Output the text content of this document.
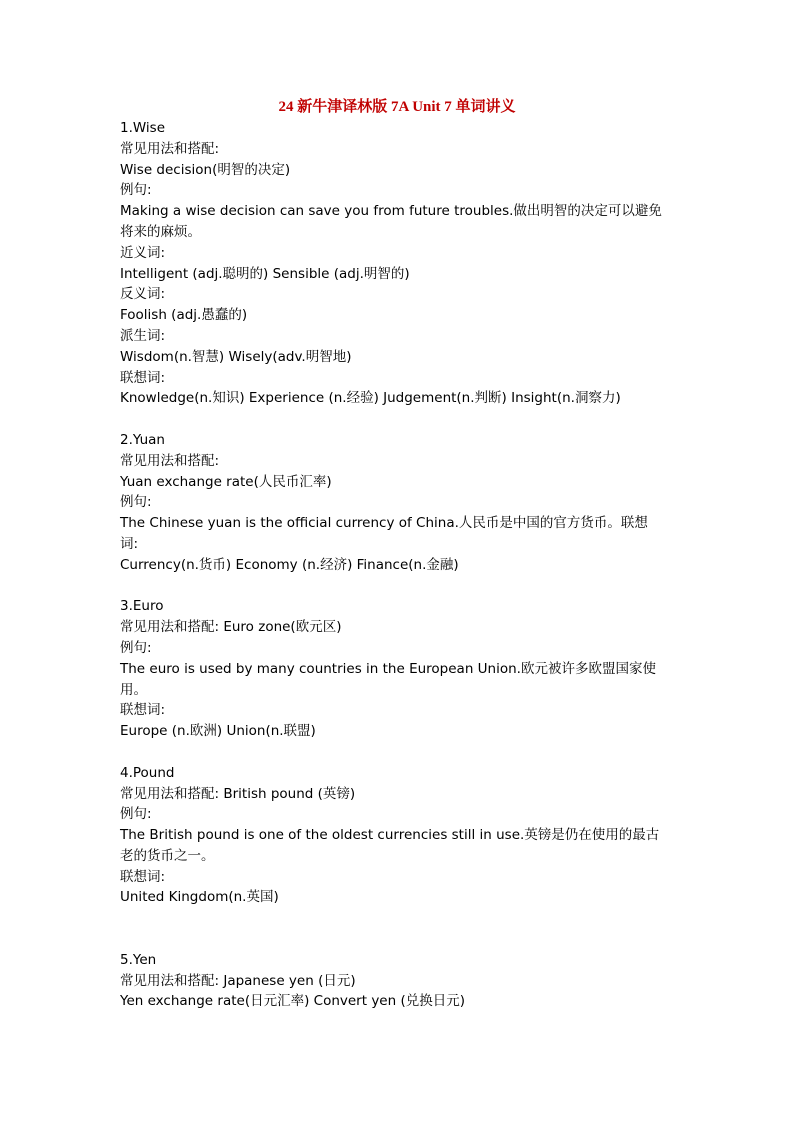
24 新牛津译林版 7A Unit 7 单词讲义
1.Wise
常见用法和搭配:
Wise decision(明智的决定)
例句:
Making a wise decision can save you from future troubles.做出明智的决定可以避免
将来的麻烦。
近义词:
Intelligent (adj.聪明的) Sensible (adj.明智的)
反义词:
Foolish (adj.愚蠢的)
派生词:
Wisdom(n.智慧) Wisely(adv.明智地)
联想词:
Knowledge(n.知识) Experience (n.经验) Judgement(n.判断) Insight(n.洞察力)
2.Yuan
常见用法和搭配:
Yuan exchange rate(人民币汇率)
例句:
The Chinese yuan is the official currency of China.人民币是中国的官方货币。联想
词:
Currency(n.货币) Economy (n.经济) Finance(n.金融)
3.Euro
常见用法和搭配: Euro zone(欧元区)
例句:
The euro is used by many countries in the European Union.欧元被许多欧盟国家使
用。
联想词:
Europe (n.欧洲) Union(n.联盟)
4.Pound
常见用法和搭配: British pound (英镑)
例句:
The British pound is one of the oldest currencies still in use.英镑是仍在使用的最古
老的货币之一。
联想词:
United Kingdom(n.英国)
5.Yen
常见用法和搭配: Japanese yen (日元)
Yen exchange rate(日元汇率) Convert yen (兑换日元)
